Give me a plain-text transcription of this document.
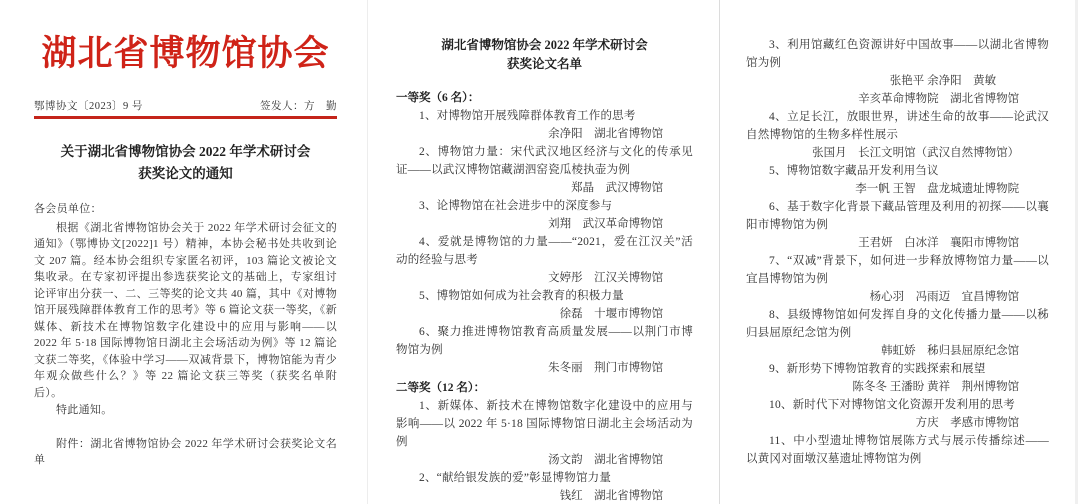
湖北省博物馆协会
鄂博协文〔2023〕9 号	签发人：方　勤
关于湖北省博物馆协会 2022 年学术研讨会
获奖论文的通知

各会员单位：

根据《湖北省博物馆协会关于 2022 年学术研讨会征文的通知》（鄂博协文[2022]1 号）精神，本协会秘书处共收到论文 207 篇。经本协会组织专家匿名初评，103 篇论文被论文集收录。在专家初评提出参选获奖论文的基础上，专家组讨论评审出分获一、二、三等奖的论文共 40 篇，其中《对博物馆开展残障群体教育工作的思考》等 6 篇论文获一等奖，《新媒体、新技术在博物馆数字化建设中的应用与影响——以 2022 年 5·18 国际博物馆日湖北主会场活动为例》等 12 篇论文获二等奖，《体验中学习——双减背景下，博物馆能为青少年观众做些什么？》等 22 篇论文获三等奖（获奖名单附后）。

特此通知。

附件：湖北省博物馆协会 2022 年学术研讨会获奖论文名单

湖北省博物馆协会 2022 年学术研讨会
获奖论文名单

一等奖（6 名）：

1、对博物馆开展残障群体教育工作的思考

余净阳　湖北省博物馆

2、博物馆力量：宋代武汉地区经济与文化的传承见证——以武汉博物馆藏湖泗窑瓷瓜棱执壶为例

郑晶　武汉博物馆

3、论博物馆在社会进步中的深度参与

刘翔　武汉革命博物馆

4、爱就是博物馆的力量——“2021，爱在江汉关”活动的经验与思考

文婷彤　江汉关博物馆

5、博物馆如何成为社会教育的积极力量

徐磊　十堰市博物馆

6、聚力推进博物馆教育高质量发展——以荆门市博物馆为例

朱冬丽　荆门市博物馆

二等奖（12 名）：

1、新媒体、新技术在博物馆数字化建设中的应用与影响——以 2022 年 5·18 国际博物馆日湖北主会场活动为例

汤文韵　湖北省博物馆

2、“献给银发族的爱”彰显博物馆力量

钱红　湖北省博物馆

3、利用馆藏红色资源讲好中国故事——以湖北省博物馆为例

张艳平 余净阳　黄敏

辛亥革命博物院　湖北省博物馆

4、立足长江，放眼世界，讲述生命的故事——论武汉自然博物馆的生物多样性展示

张国月　长江文明馆（武汉自然博物馆）

5、博物馆数字藏品开发利用刍议

李一帆 王智　盘龙城遗址博物院

6、基于数字化背景下藏品管理及利用的初探——以襄阳市博物馆为例

王君妍　白冰洋　襄阳市博物馆

7、“双减”背景下，如何进一步释放博物馆力量——以宜昌博物馆为例

杨心羽　冯雨迈　宜昌博物馆

8、县级博物馆如何发挥自身的文化传播力量——以秭归县屈原纪念馆为例

韩虹娇　秭归县屈原纪念馆

9、新形势下博物馆教育的实践探索和展望

陈冬冬 王潘盼 黄祥　荆州博物馆

10、新时代下对博物馆文化资源开发利用的思考

方庆　孝感市博物馆

11、中小型遗址博物馆展陈方式与展示传播综述——以黄冈对面墩汉墓遗址博物馆为例
